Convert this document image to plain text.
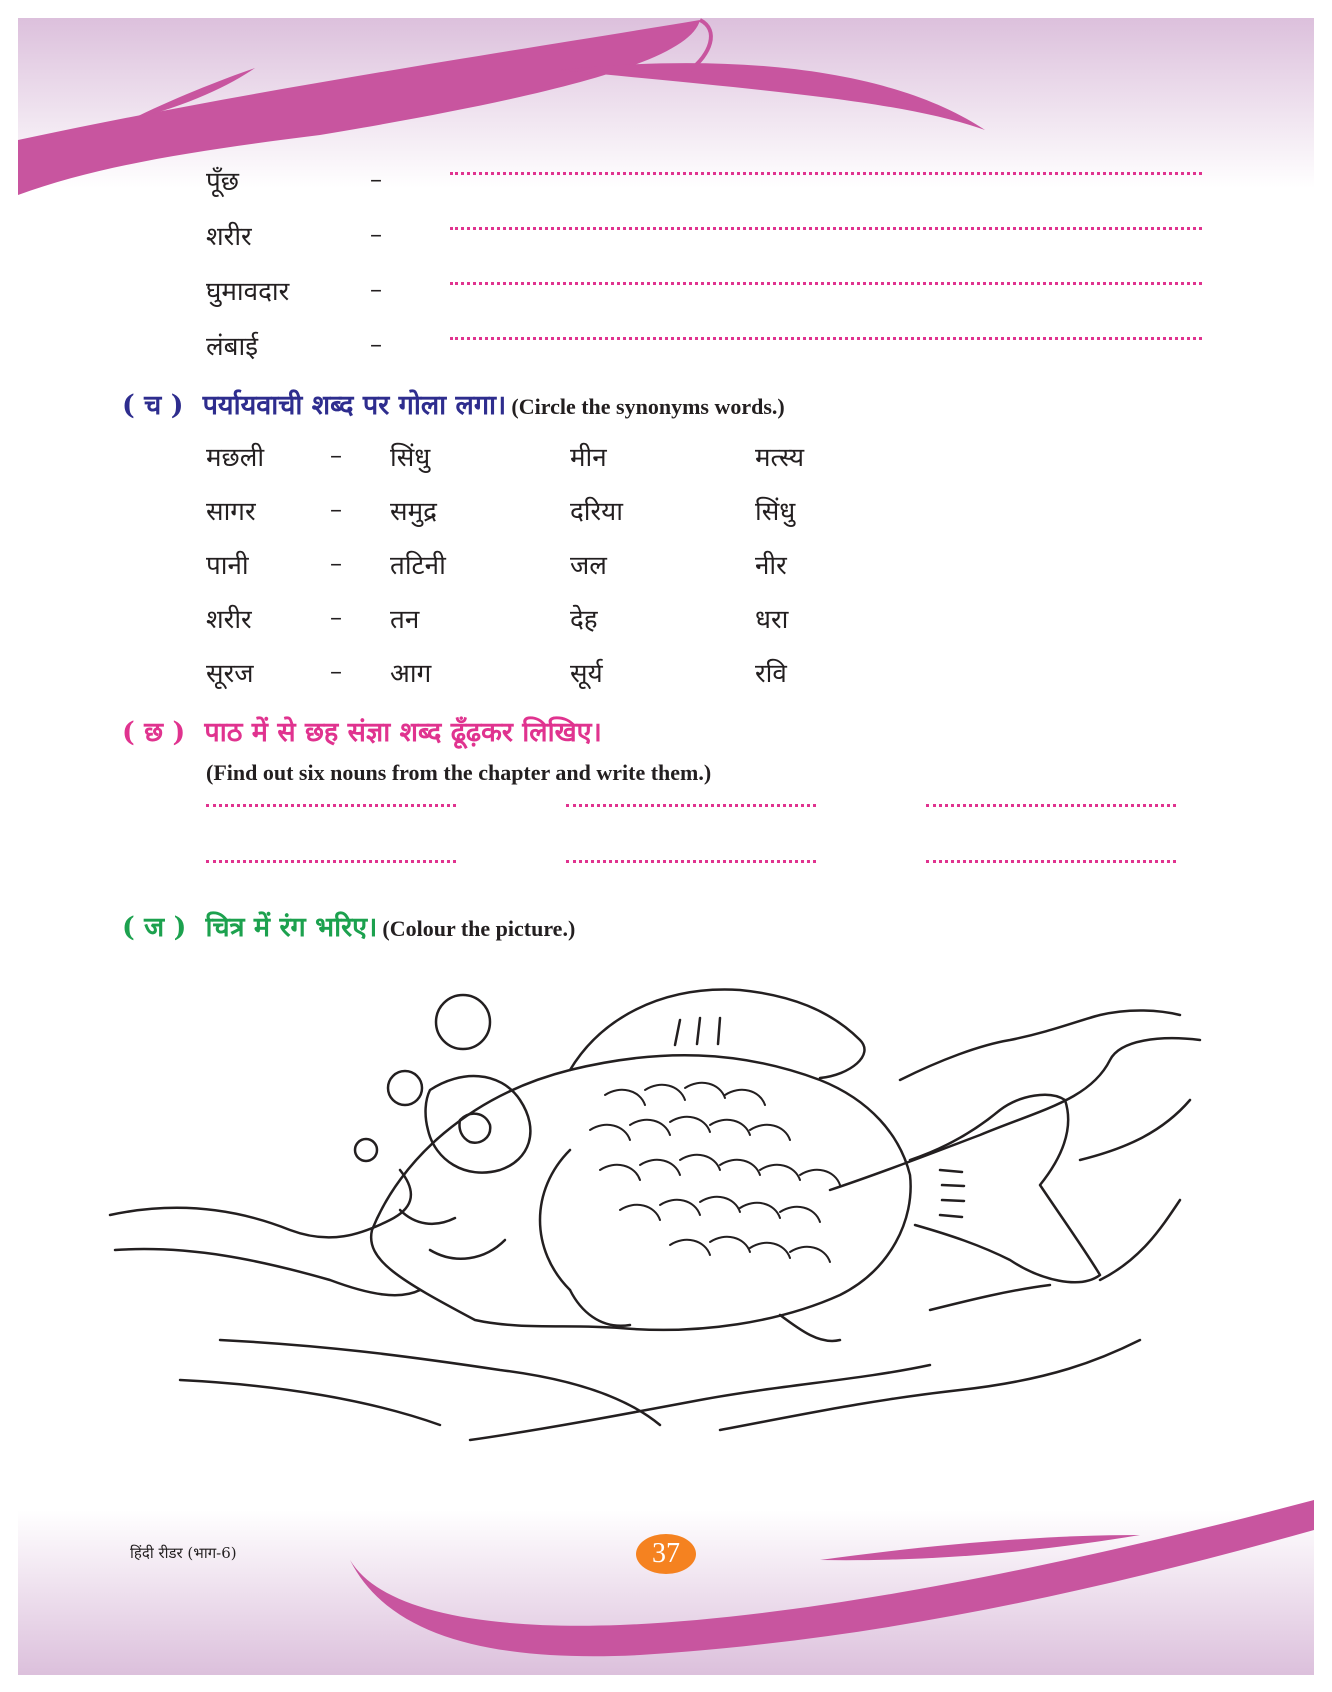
पूँछ	–
शरीर	–
घुमावदार	–
लंबाई	–
( च ) पर्यायवाची शब्द पर गोला लगा। (Circle the synonyms words.)
मछली	– सिंधु	मीन	मत्स्य
सागर	– समुद्र	दरिया	सिंधु
पानी	– तटिनी	जल	नीर
शरीर	– तन	देह	धरा
सूरज	– आग	सूर्य	रवि
( छ ) पाठ में से छह संज्ञा शब्द ढूँढ़कर लिखिए।
(Find out six nouns from the chapter and write them.)
( ज ) चित्र में रंग भरिए। (Colour the picture.)
हिंदी रीडर (भाग-6)	37
